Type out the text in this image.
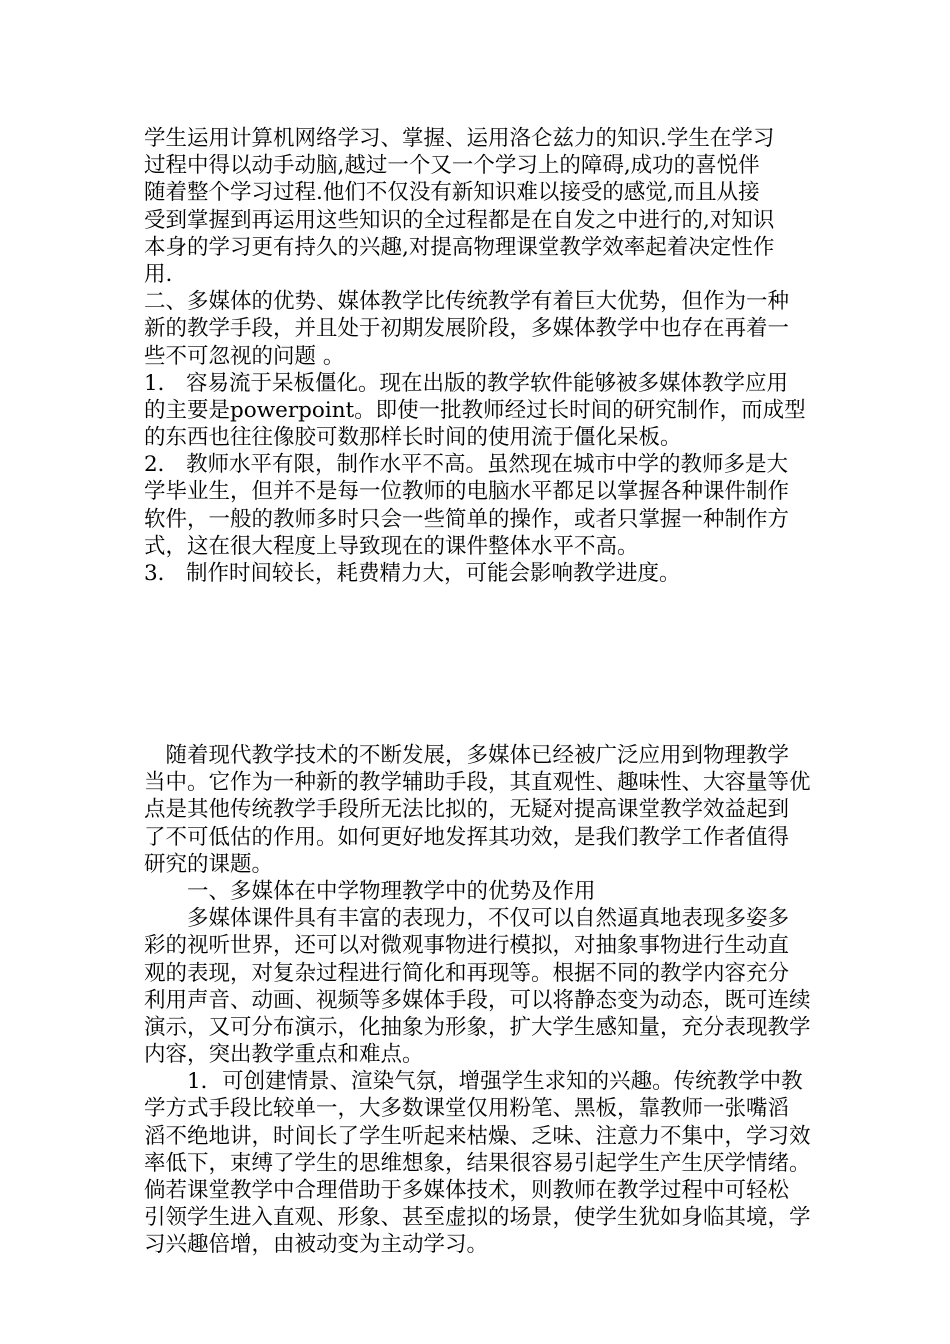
学生运用计算机网络学习、掌握、运用洛仑兹力的知识.学生在学习
过程中得以动手动脑,越过一个又一个学习上的障碍,成功的喜悦伴
随着整个学习过程.他们不仅没有新知识难以接受的感觉,而且从接
受到掌握到再运用这些知识的全过程都是在自发之中进行的,对知识
本身的学习更有持久的兴趣,对提高物理课堂教学效率起着决定性作
用.
二、多媒体的优势、媒体教学比传统教学有着巨大优势，但作为一种
新的教学手段，并且处于初期发展阶段，多媒体教学中也存在再着一
些不可忽视的问题 。
1． 容易流于呆板僵化。现在出版的教学软件能够被多媒体教学应用
的主要是powerpoint。即使一批教师经过长时间的研究制作，而成型
的东西也往往像胶可数那样长时间的使用流于僵化呆板。
2． 教师水平有限，制作水平不高。虽然现在城市中学的教师多是大
学毕业生，但并不是每一位教师的电脑水平都足以掌握各种课件制作
软件，一般的教师多时只会一些简单的操作，或者只掌握一种制作方
式，这在很大程度上导致现在的课件整体水平不高。
3． 制作时间较长，耗费精力大，可能会影响教学进度。
　随着现代教学技术的不断发展，多媒体已经被广泛应用到物理教学
当中。它作为一种新的教学辅助手段，其直观性、趣味性、大容量等优
点是其他传统教学手段所无法比拟的，无疑对提高课堂教学效益起到
了不可低估的作用。如何更好地发挥其功效，是我们教学工作者值得
研究的课题。
　　一、多媒体在中学物理教学中的优势及作用
　　多媒体课件具有丰富的表现力，不仅可以自然逼真地表现多姿多
彩的视听世界，还可以对微观事物进行模拟，对抽象事物进行生动直
观的表现，对复杂过程进行简化和再现等。根据不同的教学内容充分
利用声音、动画、视频等多媒体手段，可以将静态变为动态，既可连续
演示，又可分布演示，化抽象为形象，扩大学生感知量，充分表现教学
内容，突出教学重点和难点。
　　1．可创建情景、渲染气氛，增强学生求知的兴趣。传统教学中教
学方式手段比较单一，大多数课堂仅用粉笔、黑板，靠教师一张嘴滔
滔不绝地讲，时间长了学生听起来枯燥、乏味、注意力不集中，学习效
率低下，束缚了学生的思维想象，结果很容易引起学生产生厌学情绪。
倘若课堂教学中合理借助于多媒体技术，则教师在教学过程中可轻松
引领学生进入直观、形象、甚至虚拟的场景，使学生犹如身临其境，学
习兴趣倍增，由被动变为主动学习。
